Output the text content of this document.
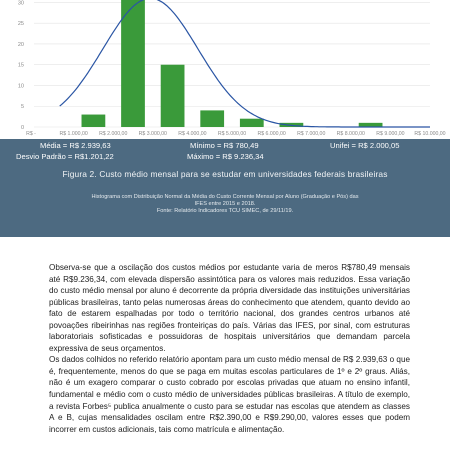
0
5
10
15
20
25
30
R$ -	R$ 1.000,00 R$ 2.000,00 R$ 3.000,00 R$ 4.000,00 R$ 5.000,00 R$ 6.000,00 R$ 7.000,00 R$ 8.000,00 R$ 9.000,00 R$ 10.000,00
Média = R$ 2.939,63	Mínimo = R$ 780,49	Unifei = R$ 2.000,05
Desvio Padrão = R$1.201,22	Máximo = R$ 9.236,34
Figura 2. Custo médio mensal para se estudar em universidades federais brasileiras
Histograma com Distribuição Normal da Média do Custo Corrente Mensal por Aluno (Graduação e Pós) das
IFES entre 2015 e 2018.
Fonte: Relatório Indicadores TCU SIMEC, de 29/11/19.

Observa-se que a oscilação dos custos médios por estudante varia de meros R$780,49 mensais até R$9.236,34, com elevada dispersão assintótica para os valores mais reduzidos. Essa variação do custo médio mensal por aluno é decorrente da própria diversidade das instituições universitárias públicas brasileiras, tanto pelas numerosas áreas do conhecimento que atendem, quanto devido ao fato de estarem espalhadas por todo o território nacional, dos grandes centros urbanos até povoações ribeirinhas nas regiões fronteiriças do país. Várias das IFES, por sinal, com estruturas laboratoriais sofisticadas e possuidoras de hospitais universitários que demandam parcela expressiva de seus orçamentos.

Os dados colhidos no referido relatório apontam para um custo médio mensal de R$ 2.939,63 o que é, frequentemente, menos do que se paga em muitas escolas particulares de 1º e 2º graus. Aliás, não é um exagero comparar o custo cobrado por escolas privadas que atuam no ensino infantil, fundamental e médio com o custo médio de universidades públicas brasileiras. A título de exemplo, a revista Forbes⁵ publica anualmente o custo para se estudar nas escolas que atendem as classes A e B, cujas mensalidades oscilam entre R$2.390,00 e R$9.290,00, valores esses que podem incorrer em custos adicionais, tais como matrícula e alimentação.
